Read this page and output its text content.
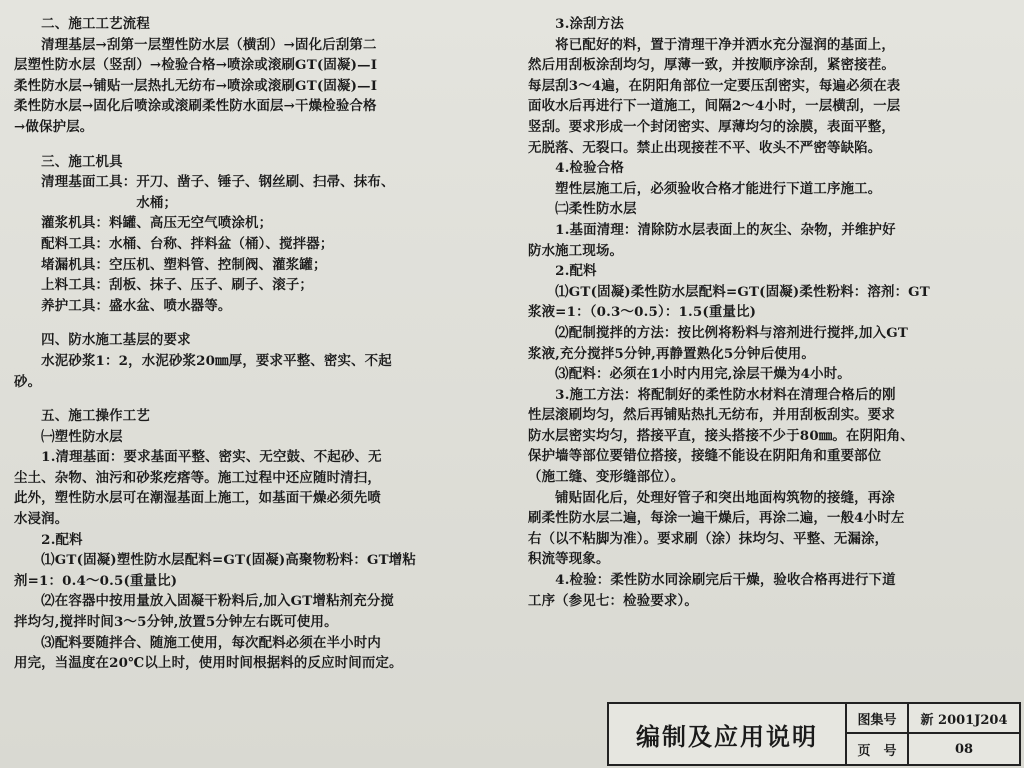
　　二、施工工艺流程
　　清理基层→刮第一层塑性防水层（横刮）→固化后刮第二
层塑性防水层（竖刮）→检验合格→喷涂或滚刷GT(固凝)—Ⅰ
柔性防水层→铺贴一层热扎无纺布→喷涂或滚刷GT(固凝)—Ⅰ
柔性防水层→固化后喷涂或滚刷柔性防水面层→干燥检验合格
→做保护层。
　　三、施工机具
　　清理基面工具：开刀、凿子、锤子、钢丝刷、扫帚、抹布、
　　　　　　　　　水桶；
　　灌浆机具：料罐、高压无空气喷涂机；
　　配料工具：水桶、台称、拌料盆（桶）、搅拌器；
　　堵漏机具：空压机、塑料管、控制阀、灌浆罐；
　　上料工具：刮板、抹子、压子、刷子、滚子；
　　养护工具：盛水盆、喷水器等。
　　四、防水施工基层的要求
　　水泥砂浆1：2，水泥砂浆20㎜厚，要求平整、密实、不起
砂。
　　五、施工操作工艺
　　㈠塑性防水层
　　1.清理基面：要求基面平整、密实、无空鼓、不起砂、无
尘土、杂物、油污和砂浆疙瘩等。施工过程中还应随时清扫，
此外，塑性防水层可在潮湿基面上施工，如基面干燥必须先喷
水浸润。
　　2.配料
　　⑴GT(固凝)塑性防水层配料=GT(固凝)高聚物粉料：GT增粘
剂=1：0.4～0.5(重量比)
　　⑵在容器中按用量放入固凝干粉料后,加入GT增粘剂充分搅
拌均匀,搅拌时间3～5分钟,放置5分钟左右既可使用。
　　⑶配料要随拌合、随施工使用，每次配料必须在半小时内
用完，当温度在20℃以上时，使用时间根据料的反应时间而定。
　　3.涂刮方法
　　将已配好的料，置于清理干净并洒水充分湿润的基面上，
然后用刮板涂刮均匀，厚薄一致，并按顺序涂刮，紧密接茬。
每层刮3～4遍，在阴阳角部位一定要压刮密实，每遍必须在表
面收水后再进行下一道施工，间隔2～4小时，一层横刮，一层
竖刮。要求形成一个封闭密实、厚薄均匀的涂膜，表面平整，
无脱落、无裂口。禁止出现接茬不平、收头不严密等缺陷。
　　4.检验合格
　　塑性层施工后，必须验收合格才能进行下道工序施工。
　　㈡柔性防水层
　　1.基面清理：清除防水层表面上的灰尘、杂物，并维护好
防水施工现场。
　　2.配料
　　⑴GT(固凝)柔性防水层配料=GT(固凝)柔性粉料：溶剂：GT
浆液=1：（0.3～0.5）：1.5(重量比)
　　⑵配制搅拌的方法：按比例将粉料与溶剂进行搅拌,加入GT
浆液,充分搅拌5分钟,再静置熟化5分钟后使用。
　　⑶配料：必须在1小时内用完,涂层干燥为4小时。
　　3.施工方法：将配制好的柔性防水材料在清理合格后的刚
性层滚刷均匀，然后再铺贴热扎无纺布，并用刮板刮实。要求
防水层密实均匀，搭接平直，接头搭接不少于80㎜。在阴阳角、
保护墙等部位要错位搭接，接缝不能设在阴阳角和重要部位
（施工缝、变形缝部位）。
　　铺贴固化后，处理好管子和突出地面构筑物的接缝，再涂
刷柔性防水层二遍，每涂一遍干燥后，再涂二遍，一般4小时左
右（以不粘脚为准）。要求刷（涂）抹均匀、平整、无漏涂，
积流等现象。
　　4.检验：柔性防水同涂刷完后干燥，验收合格再进行下道
工序（参见七：检验要求）。
编制及应用说明
图集号	新 2001J204
页　号	08
